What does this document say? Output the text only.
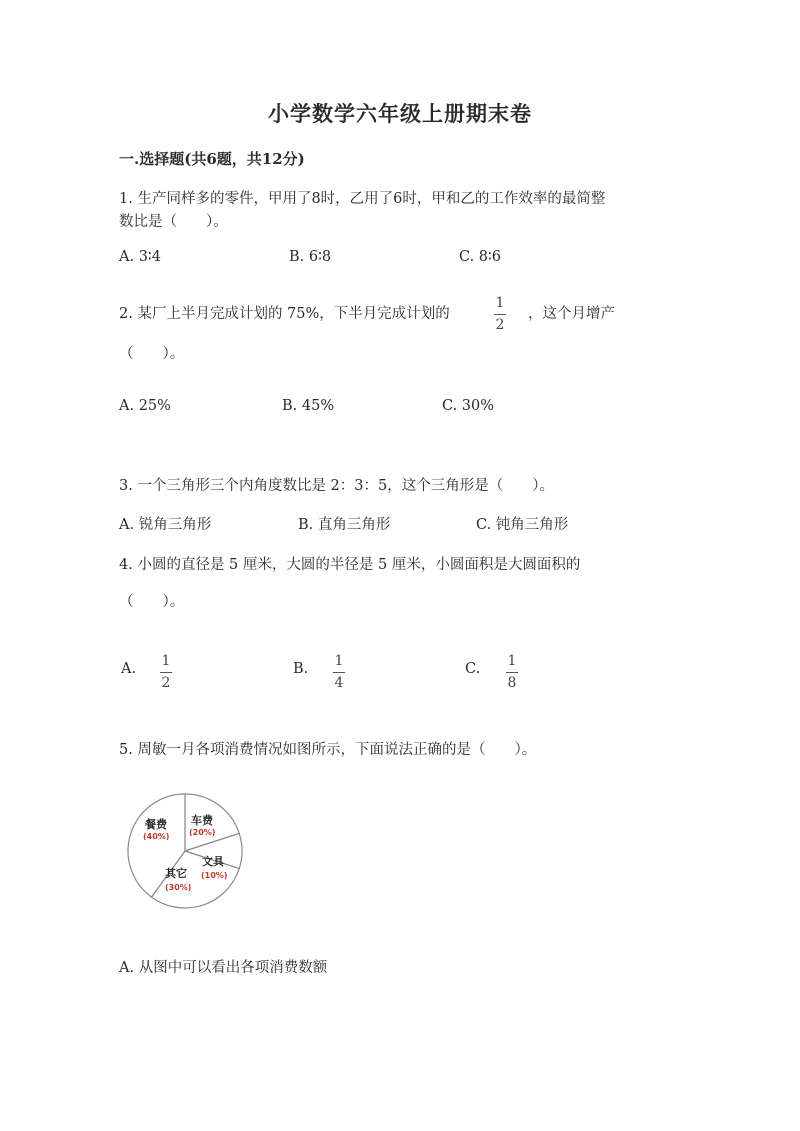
小学数学六年级上册期末卷
一.选择题(共6题，共12分)
1. 生产同样多的零件，甲用了8时，乙用了6时，甲和乙的工作效率的最简整
数比是（　　）。
A. 3∶4	B. 6∶8	C. 8∶6
2. 某厂上半月完成计划的 75%，下半月完成计划的
1
2
，这个月增产
（　　）。
A. 25%	B. 45%	C. 30%
3. 一个三角形三个内角度数比是 2：3：5，这个三角形是（　　）。
A. 锐角三角形	B. 直角三角形	C. 钝角三角形
4. 小圆的直径是 5 厘米，大圆的半径是 5 厘米，小圆面积是大圆面积的
（　　）。
A. 1
2
B. 1
4
C. 1
8
5. 周敏一月各项消费情况如图所示，下面说法正确的是（　　）。
餐费
(40%)
车费
(20%)
文具
(10%)
其它
(30%)
A. 从图中可以看出各项消费数额
